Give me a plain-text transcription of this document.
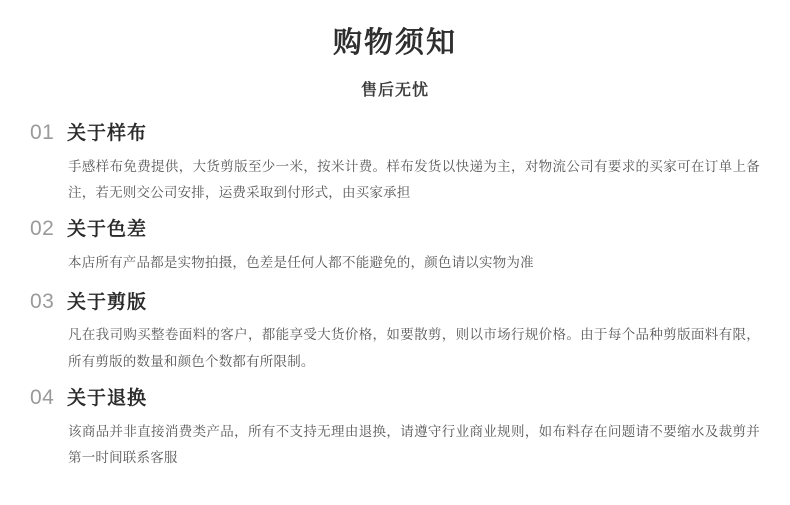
购物须知
售后无忧
01 关于样布
手感样布免费提供，大货剪版至少一米，按米计费。样布发货以快递为主，对物流公司有要求的买家可在订单上备注，若无则交公司安排，运费采取到付形式，由买家承担
02 关于色差
本店所有产品都是实物拍摄，色差是任何人都不能避免的，颜色请以实物为准
03 关于剪版
凡在我司购买整卷面料的客户，都能享受大货价格，如要散剪，则以市场行规价格。由于每个品种剪版面料有限，所有剪版的数量和颜色个数都有所限制。
04 关于退换
该商品并非直接消费类产品，所有不支持无理由退换，请遵守行业商业规则，如布料存在问题请不要缩水及裁剪并第一时间联系客服
